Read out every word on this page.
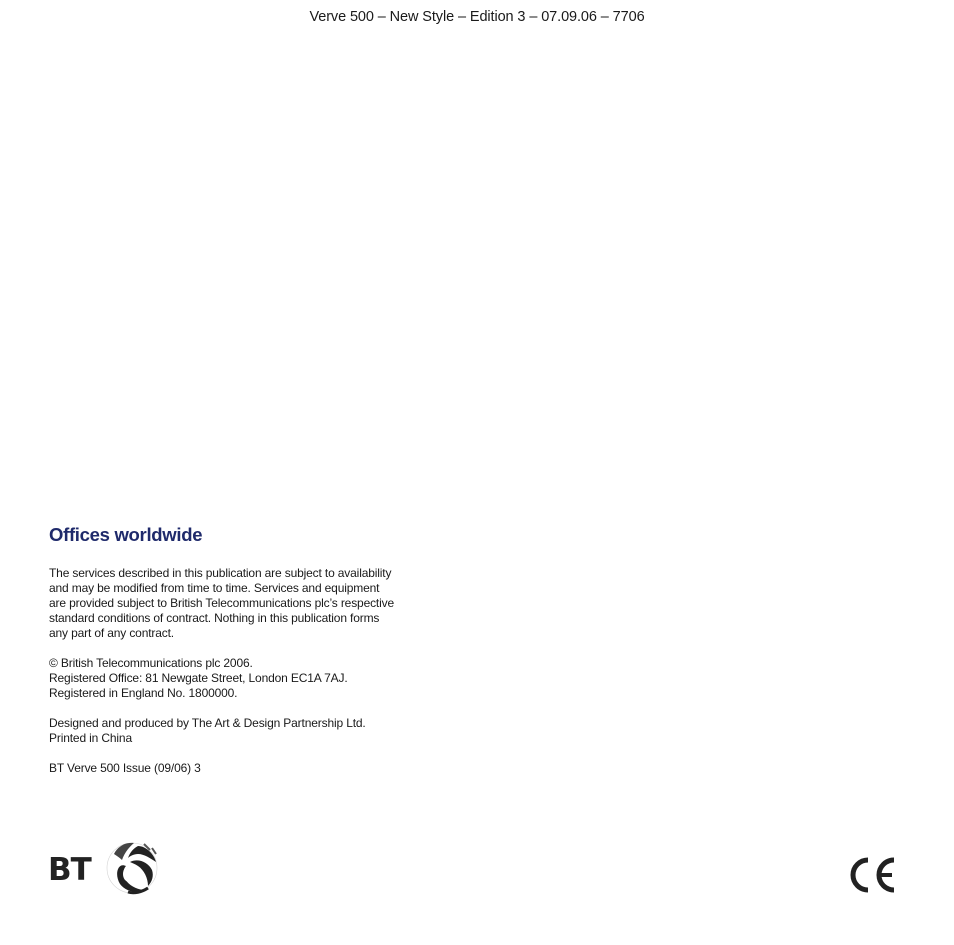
Verve 500 – New Style – Edition 3 – 07.09.06 – 7706
Offices worldwide
The services described in this publication are subject to availability
and may be modified from time to time. Services and equipment
are provided subject to British Telecommunications plc’s respective
standard conditions of contract. Nothing in this publication forms
any part of any contract.
© British Telecommunications plc 2006.
Registered Office: 81 Newgate Street, London EC1A 7AJ.
Registered in England No. 1800000.
Designed and produced by The Art & Design Partnership Ltd.
Printed in China
BT Verve 500 Issue (09/06) 3
BT
